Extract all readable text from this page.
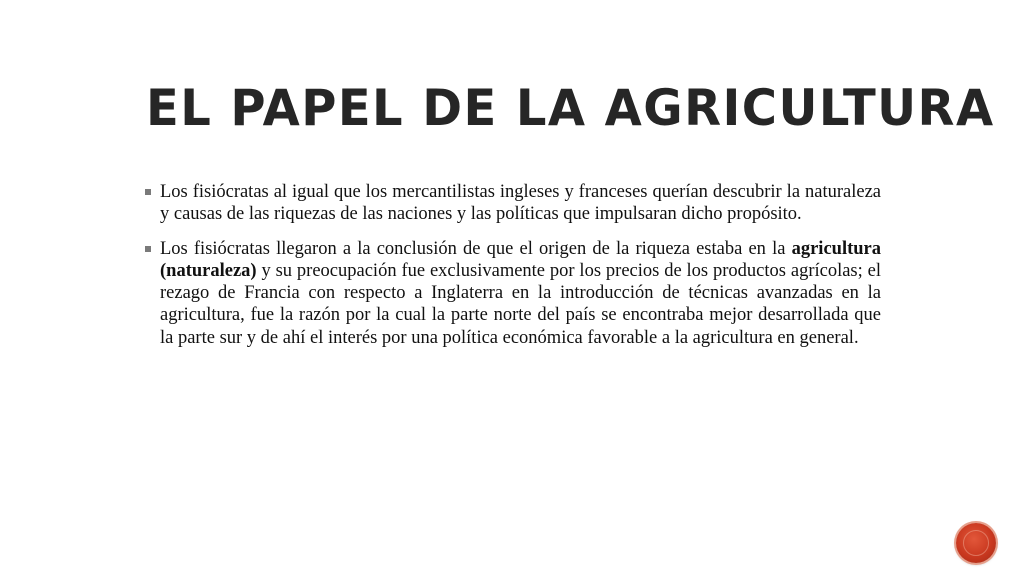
EL PAPEL DE LA AGRICULTURA
Los fisiócratas al igual que los mercantilistas ingleses y franceses querían descubrir la naturaleza y causas de las riquezas de las naciones y las políticas que impulsaran dicho propósito.
Los fisiócratas llegaron a la conclusión de que el origen de la riqueza estaba en la agricultura (naturaleza) y su preocupación fue exclusivamente por los precios de los productos agrícolas; el rezago de Francia con respecto a Inglaterra en la introducción de técnicas avanzadas en la agricultura, fue la razón por la cual la parte norte del país se encontraba mejor desarrollada que la parte sur y de ahí el interés por una política económica favorable a la agricultura en general.
